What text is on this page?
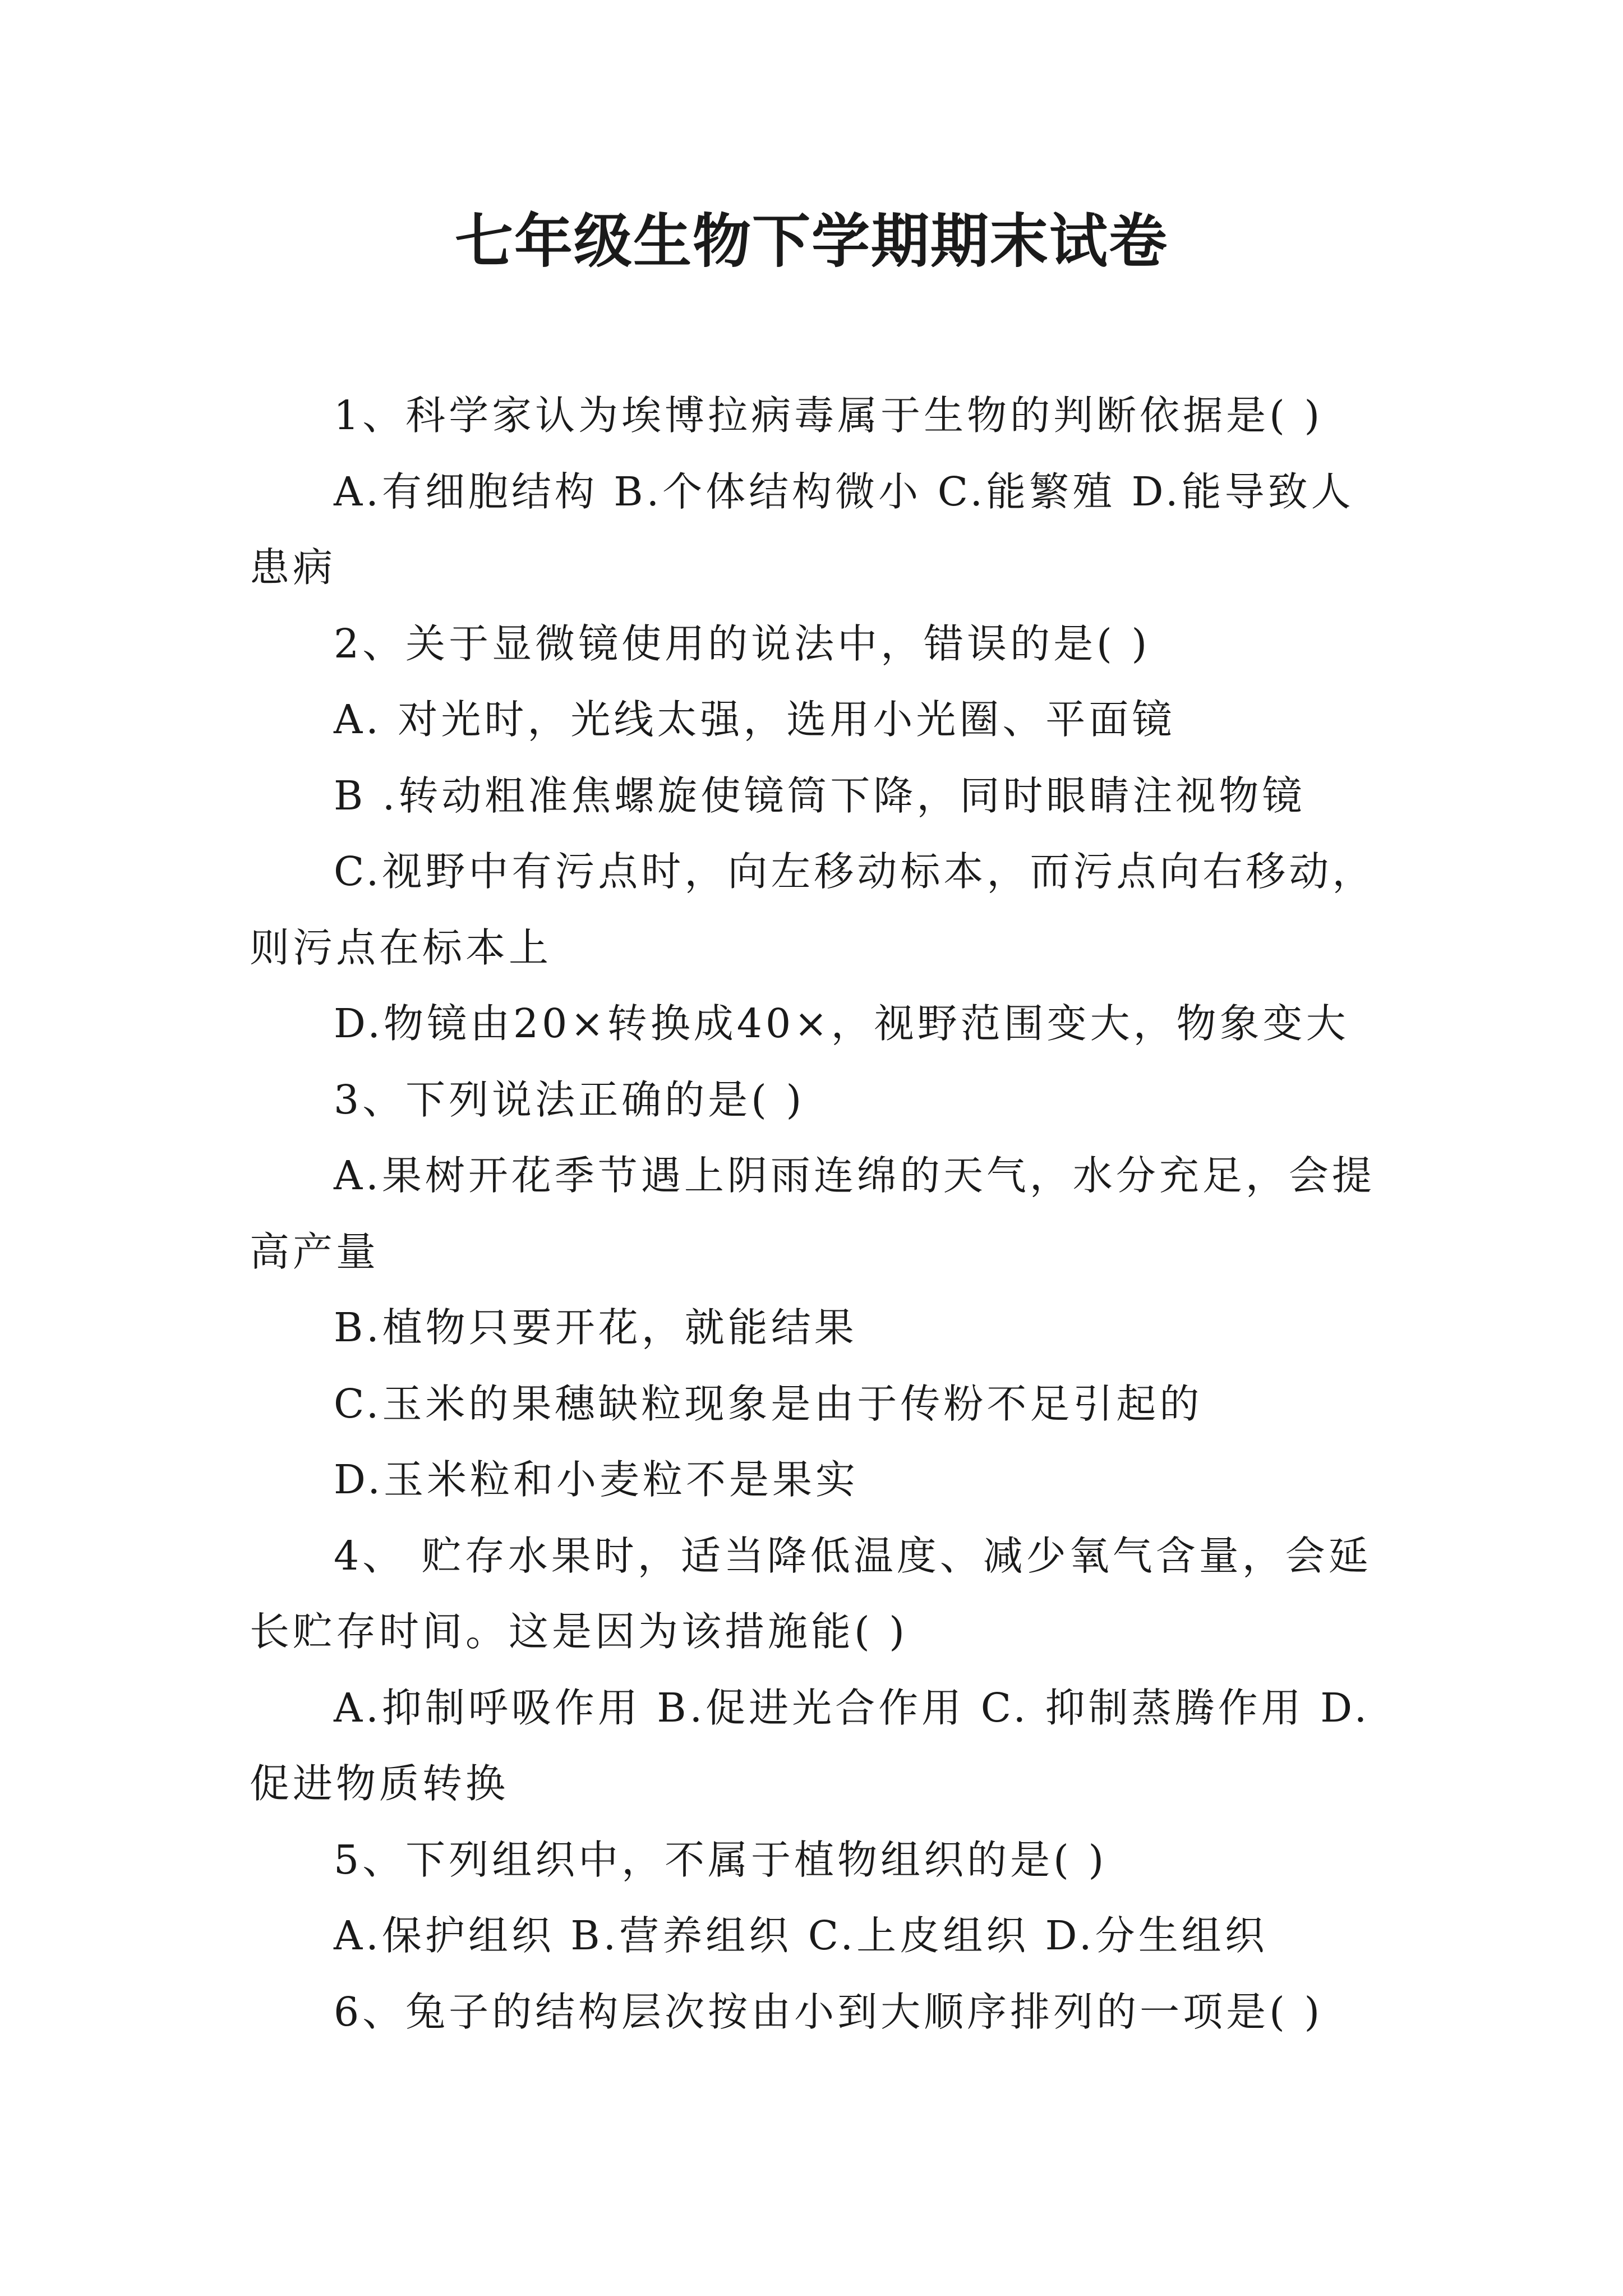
七年级生物下学期期末试卷
1、科学家认为埃博拉病毒属于生物的判断依据是( )
A.有细胞结构 B.个体结构微小 C.能繁殖 D.能导致人
患病
2、关于显微镜使用的说法中，错误的是( )
A. 对光时，光线太强，选用小光圈、平面镜
B .转动粗准焦螺旋使镜筒下降，同时眼睛注视物镜
C.视野中有污点时，向左移动标本，而污点向右移动，
则污点在标本上
D.物镜由20×转换成40×，视野范围变大，物象变大
3、下列说法正确的是( )
A.果树开花季节遇上阴雨连绵的天气，水分充足，会提
高产量
B.植物只要开花，就能结果
C.玉米的果穗缺粒现象是由于传粉不足引起的
D.玉米粒和小麦粒不是果实
4、 贮存水果时，适当降低温度、减少氧气含量，会延
长贮存时间。这是因为该措施能( )
A.抑制呼吸作用 B.促进光合作用 C. 抑制蒸腾作用 D.
促进物质转换
5、下列组织中，不属于植物组织的是( )
A.保护组织 B.营养组织 C.上皮组织 D.分生组织
6、兔子的结构层次按由小到大顺序排列的一项是( )
